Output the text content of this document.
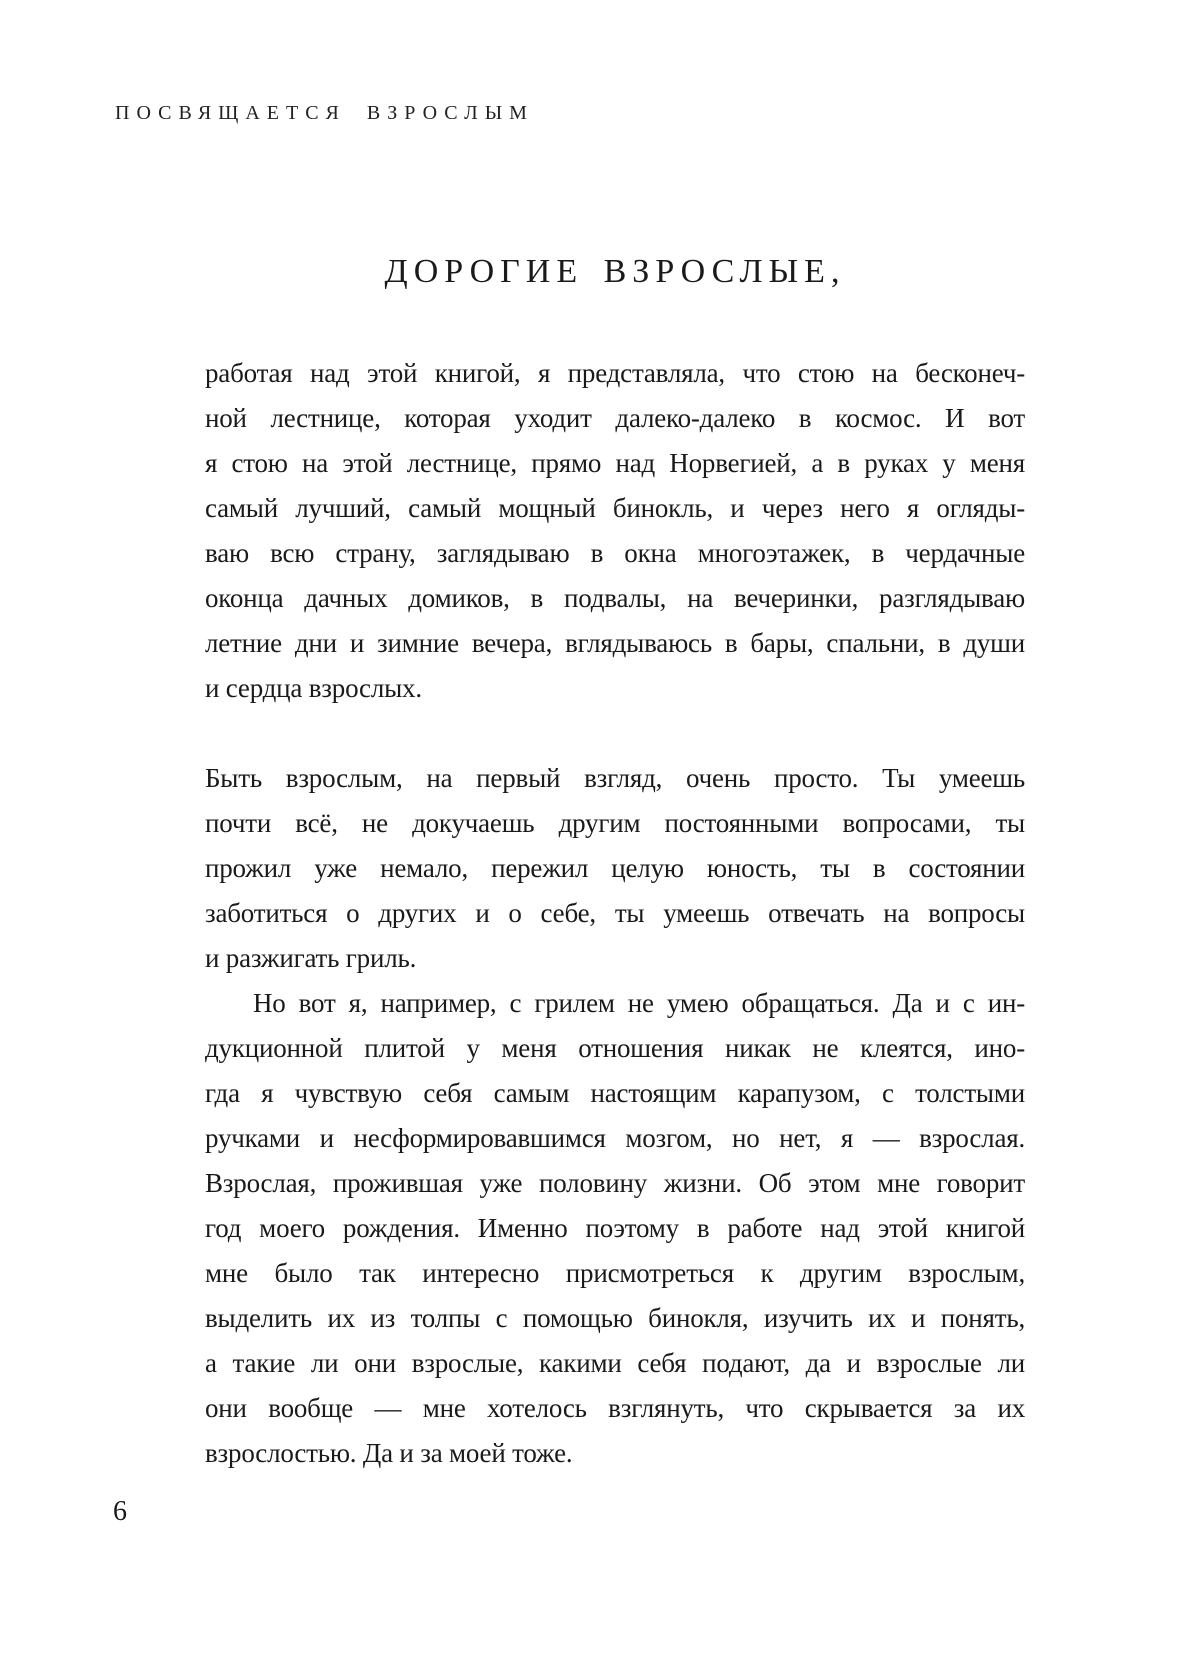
ПОСВЯЩАЕТСЯ ВЗРОСЛЫМ
ДОРОГИЕ ВЗРОСЛЫЕ,
работая над этой книгой, я представляла, что стою на бесконеч-
ной лестнице, которая уходит далеко-далеко в космос. И вот
я стою на этой лестнице, прямо над Норвегией, а в руках у меня
самый лучший, самый мощный бинокль, и через него я огляды-
ваю всю страну, заглядываю в окна многоэтажек, в чердачные
оконца дачных домиков, в подвалы, на вечеринки, разглядываю
летние дни и зимние вечера, вглядываюсь в бары, спальни, в души
и сердца взрослых.
Быть взрослым, на первый взгляд, очень просто. Ты умеешь
почти всё, не докучаешь другим постоянными вопросами, ты
прожил уже немало, пережил целую юность, ты в состоянии
заботиться о других и о себе, ты умеешь отвечать на вопросы
и разжигать гриль.
Но вот я, например, с грилем не умею обращаться. Да и с ин-
дукционной плитой у меня отношения никак не клеятся, ино-
гда я чувствую себя самым настоящим карапузом, с толстыми
ручками и несформировавшимся мозгом, но нет, я — взрослая.
Взрослая, прожившая уже половину жизни. Об этом мне говорит
год моего рождения. Именно поэтому в работе над этой книгой
мне было так интересно присмотреться к другим взрослым,
выделить их из толпы с помощью бинокля, изучить их и понять,
а такие ли они взрослые, какими себя подают, да и взрослые ли
они вообще — мне хотелось взглянуть, что скрывается за их
взрослостью. Да и за моей тоже.
6
